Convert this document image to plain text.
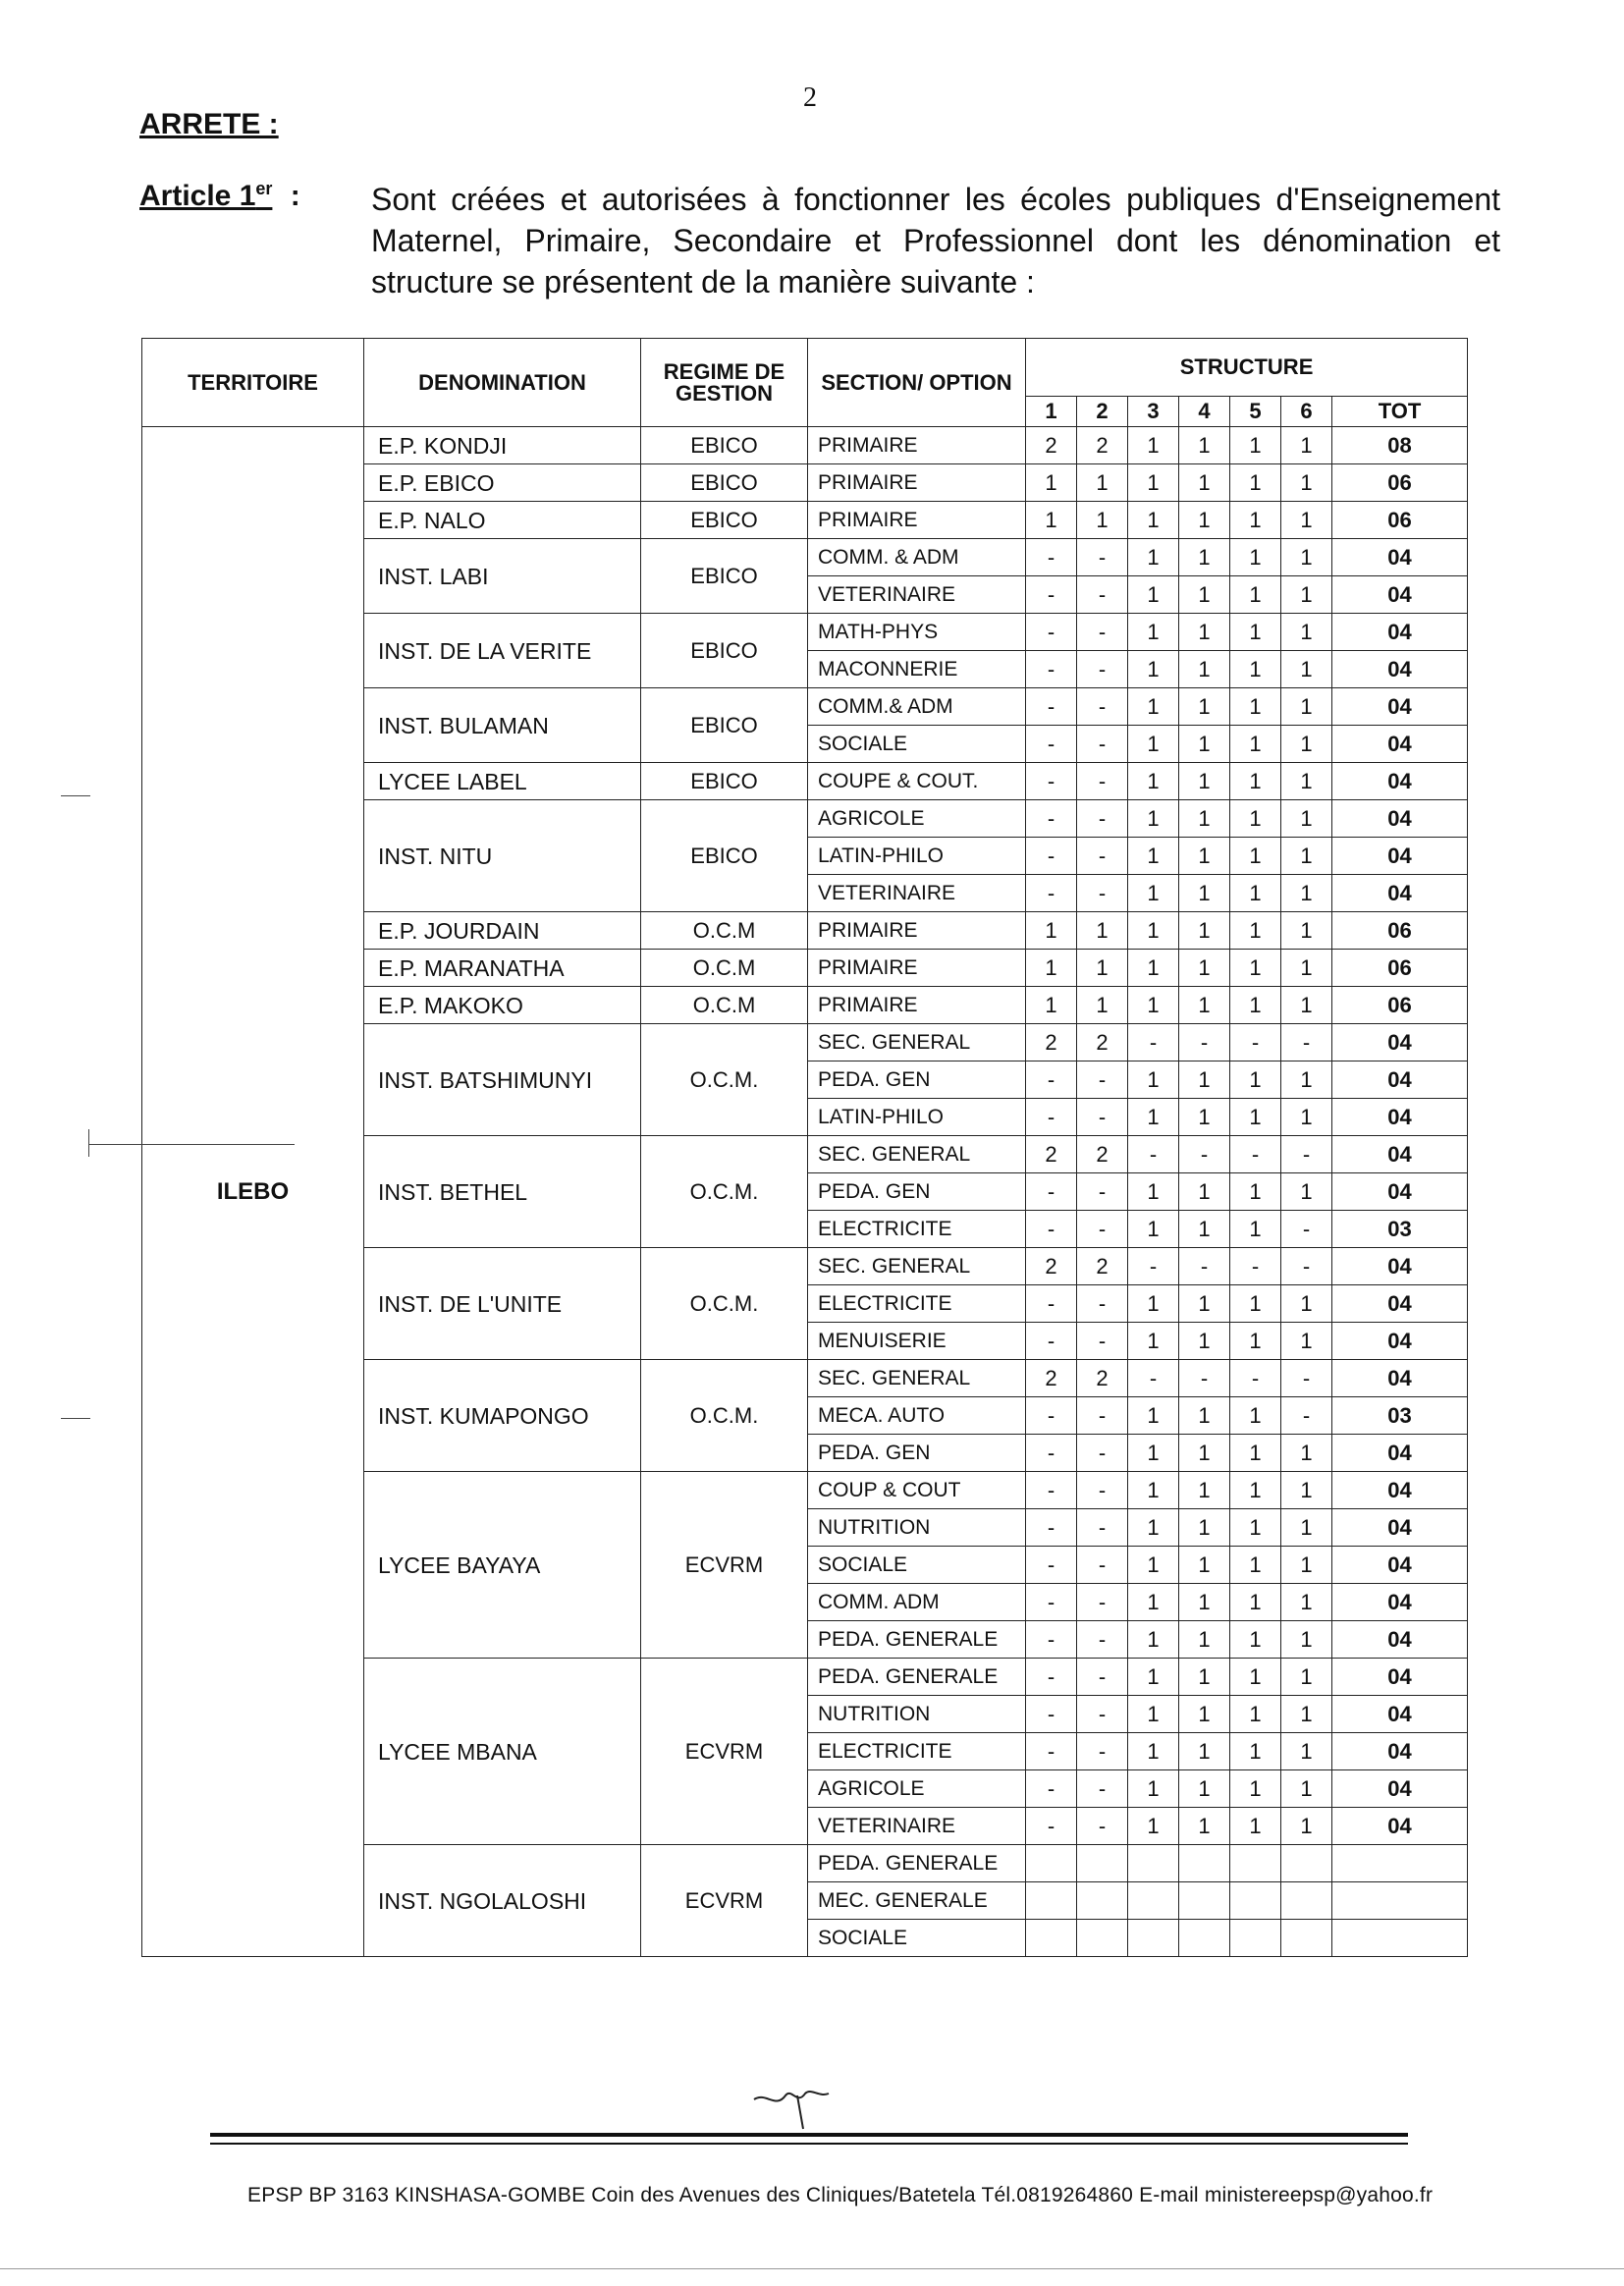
2
ARRETE :
Article 1er : Sont créées et autorisées à fonctionner les écoles publiques d'Enseignement Maternel, Primaire, Secondaire et Professionnel dont les dénomination et structure se présentent de la manière suivante :
TERRITOIRE	DENOMINATION	REGIME DE GESTION	SECTION/ OPTION	STRUCTURE						
				1	2	3	4	5	6	TOT
ILEBO	E.P. KONDJI	EBICO	PRIMAIRE	2	2	1	1	1	1	08
	E.P. EBICO	EBICO	PRIMAIRE	1	1	1	1	1	1	06
	E.P. NALO	EBICO	PRIMAIRE	1	1	1	1	1	1	06
	INST. LABI	EBICO	COMM. & ADM	-	-	1	1	1	1	04
			VETERINAIRE	-	-	1	1	1	1	04
	INST. DE LA VERITE	EBICO	MATH-PHYS	-	-	1	1	1	1	04
			MACONNERIE	-	-	1	1	1	1	04
	INST. BULAMAN	EBICO	COMM.& ADM	-	-	1	1	1	1	04
			SOCIALE	-	-	1	1	1	1	04
	LYCEE LABEL	EBICO	COUPE & COUT.	-	-	1	1	1	1	04
	INST. NITU	EBICO	AGRICOLE	-	-	1	1	1	1	04
			LATIN-PHILO	-	-	1	1	1	1	04
			VETERINAIRE	-	-	1	1	1	1	04
	E.P. JOURDAIN	O.C.M	PRIMAIRE	1	1	1	1	1	1	06
	E.P. MARANATHA	O.C.M	PRIMAIRE	1	1	1	1	1	1	06
	E.P. MAKOKO	O.C.M	PRIMAIRE	1	1	1	1	1	1	06
	INST. BATSHIMUNYI	O.C.M.	SEC. GENERAL	2	2	-	-	-	-	04
			PEDA. GEN	-	-	1	1	1	1	04
			LATIN-PHILO	-	-	1	1	1	1	04
	INST. BETHEL	O.C.M.	SEC. GENERAL	2	2	-	-	-	-	04
			PEDA. GEN	-	-	1	1	1	1	04
			ELECTRICITE	-	-	1	1	1	-	03
	INST. DE L'UNITE	O.C.M.	SEC. GENERAL	2	2	-	-	-	-	04
			ELECTRICITE	-	-	1	1	1	1	04
			MENUISERIE	-	-	1	1	1	1	04
	INST. KUMAPONGO	O.C.M.	SEC. GENERAL	2	2	-	-	-	-	04
			MECA. AUTO	-	-	1	1	1	-	03
			PEDA. GEN	-	-	1	1	1	1	04
	LYCEE BAYAYA	ECVRM	COUP & COUT	-	-	1	1	1	1	04
			NUTRITION	-	-	1	1	1	1	04
			SOCIALE	-	-	1	1	1	1	04
			COMM. ADM	-	-	1	1	1	1	04
			PEDA. GENERALE	-	-	1	1	1	1	04
	LYCEE MBANA	ECVRM	PEDA. GENERALE	-	-	1	1	1	1	04
			NUTRITION	-	-	1	1	1	1	04
			ELECTRICITE	-	-	1	1	1	1	04
			AGRICOLE	-	-	1	1	1	1	04
			VETERINAIRE	-	-	1	1	1	1	04
	INST. NGOLALOSHI	ECVRM	PEDA. GENERALE							
			MEC. GENERALE							
			SOCIALE							
EPSP BP 3163 KINSHASA-GOMBE Coin des Avenues des Cliniques/Batetela Tél.0819264860 E-mail ministereepsp@yahoo.fr
